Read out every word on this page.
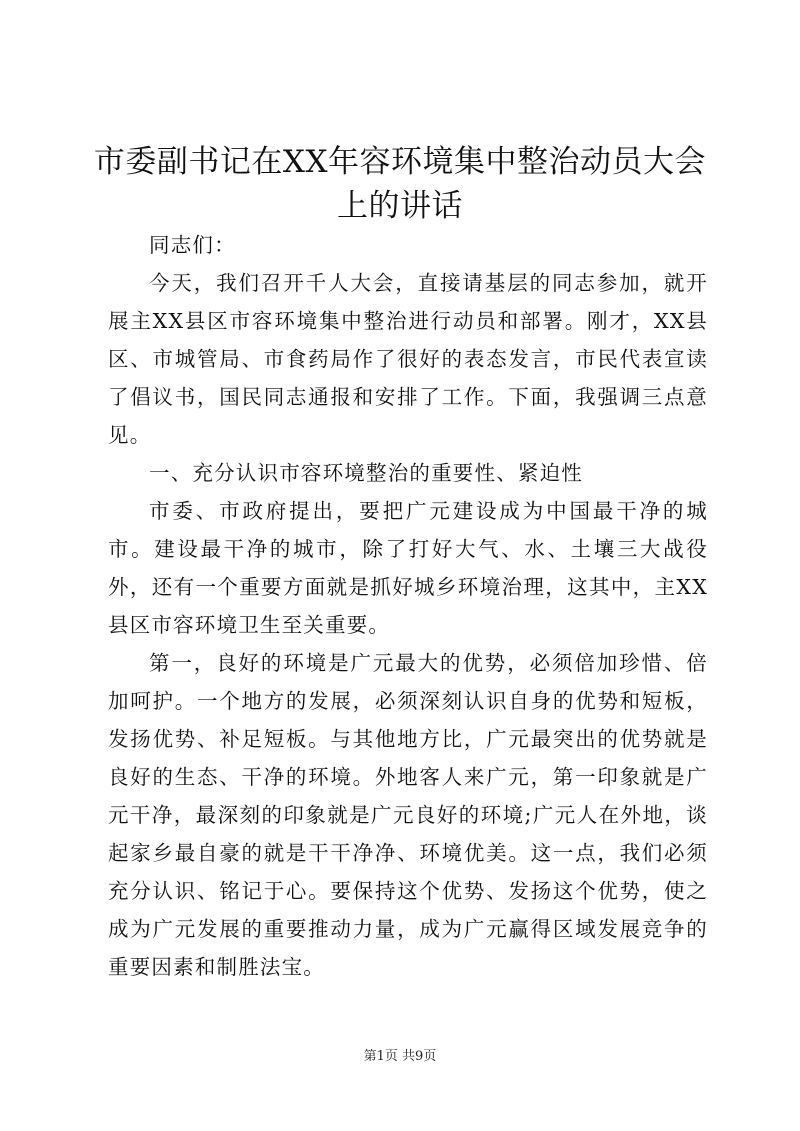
市委副书记在XX年容环境集中整治动员大会
上的讲话

同志们：

今天，我们召开千人大会，直接请基层的同志参加，就开展主XX县区市容环境集中整治进行动员和部署。刚才，XX县区、市城管局、市食药局作了很好的表态发言，市民代表宣读了倡议书，国民同志通报和安排了工作。下面，我强调三点意见。

一、充分认识市容环境整治的重要性、紧迫性

市委、市政府提出，要把广元建设成为中国最干净的城市。建设最干净的城市，除了打好大气、水、土壤三大战役外，还有一个重要方面就是抓好城乡环境治理，这其中，主XX县区市容环境卫生至关重要。

第一，良好的环境是广元最大的优势，必须倍加珍惜、倍加呵护。一个地方的发展，必须深刻认识自身的优势和短板，发扬优势、补足短板。与其他地方比，广元最突出的优势就是良好的生态、干净的环境。外地客人来广元，第一印象就是广元干净，最深刻的印象就是广元良好的环境;广元人在外地，谈起家乡最自豪的就是干干净净、环境优美。这一点，我们必须充分认识、铭记于心。要保持这个优势、发扬这个优势，使之成为广元发展的重要推动力量，成为广元赢得区域发展竞争的重要因素和制胜法宝。

第1页 共9页
